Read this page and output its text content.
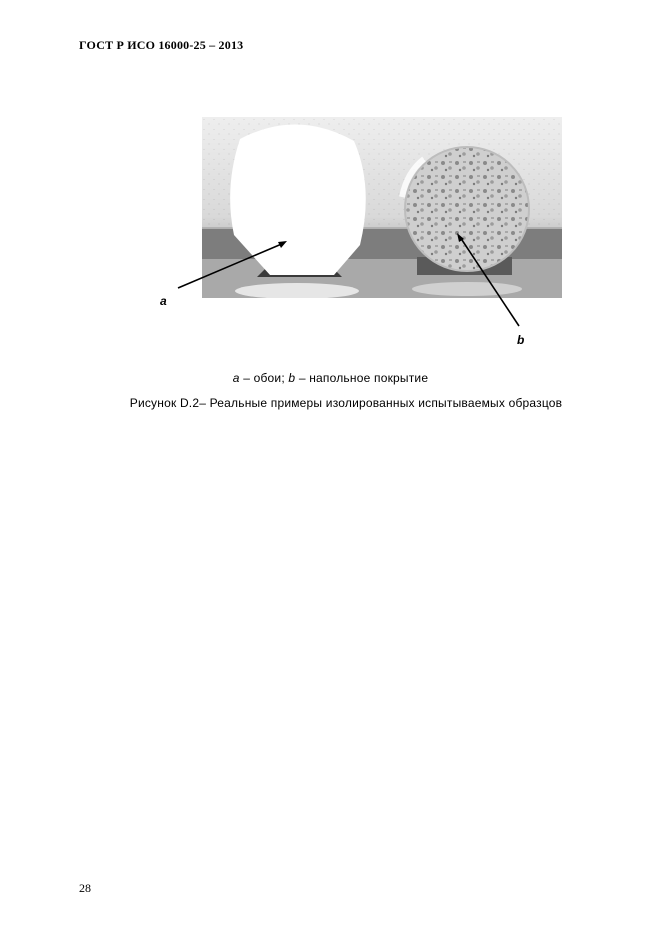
ГОСТ Р ИСО 16000-25 – 2013
a
b
a – обои; b – напольное покрытие
Рисунок D.2– Реальные примеры изолированных испытываемых образцов
28
